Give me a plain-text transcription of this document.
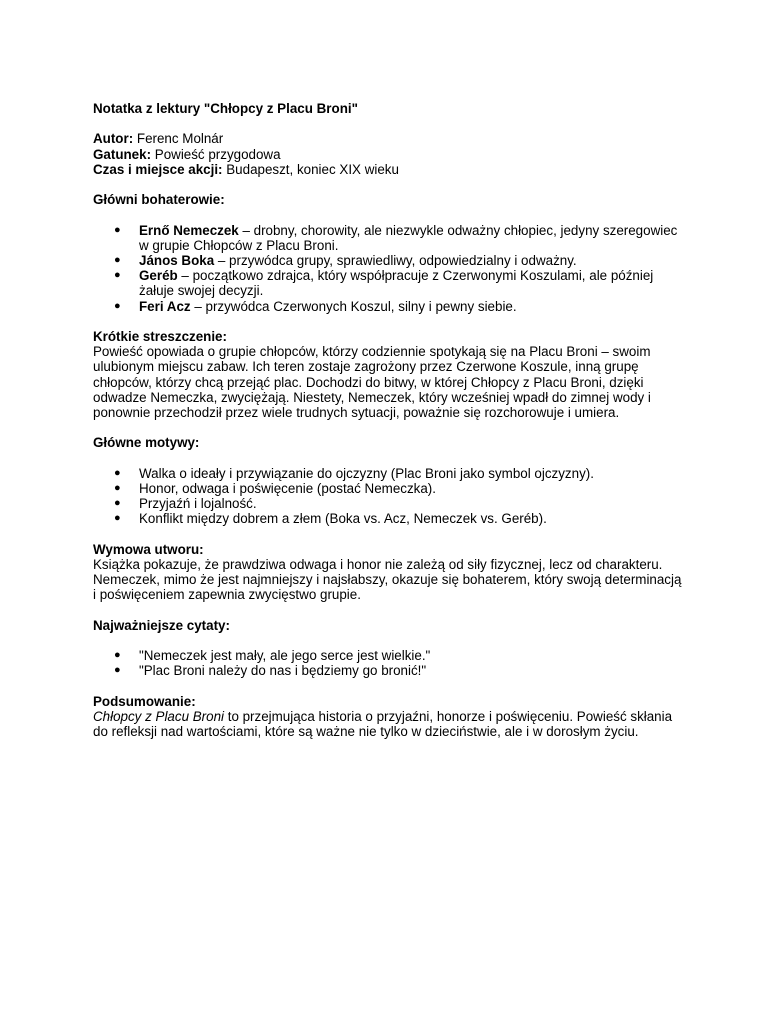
Notatka z lektury "Chłopcy z Placu Broni"

Autor: Ferenc Molnár

Gatunek: Powieść przygodowa

Czas i miejsce akcji: Budapeszt, koniec XIX wieku

Główni bohaterowie:

● Ernő Nemeczek – drobny, chorowity, ale niezwykle odważny chłopiec, jedyny szeregowiec w grupie Chłopców z Placu Broni.
● János Boka – przywódca grupy, sprawiedliwy, odpowiedzialny i odważny.
● Geréb – początkowo zdrajca, który współpracuje z Czerwonymi Koszulami, ale później żałuje swojej decyzji.
● Feri Acz – przywódca Czerwonych Koszul, silny i pewny siebie.

Krótkie streszczenie:

Powieść opowiada o grupie chłopców, którzy codziennie spotykają się na Placu Broni – swoim ulubionym miejscu zabaw. Ich teren zostaje zagrożony przez Czerwone Koszule, inną grupę chłopców, którzy chcą przejąć plac. Dochodzi do bitwy, w której Chłopcy z Placu Broni, dzięki odwadze Nemeczka, zwyciężają. Niestety, Nemeczek, który wcześniej wpadł do zimnej wody i ponownie przechodził przez wiele trudnych sytuacji, poważnie się rozchorowuje i umiera.

Główne motywy:

● Walka o ideały i przywiązanie do ojczyzny (Plac Broni jako symbol ojczyzny).
● Honor, odwaga i poświęcenie (postać Nemeczka).
● Przyjaźń i lojalność.
● Konflikt między dobrem a złem (Boka vs. Acz, Nemeczek vs. Geréb).

Wymowa utworu:

Książka pokazuje, że prawdziwa odwaga i honor nie zależą od siły fizycznej, lecz od charakteru. Nemeczek, mimo że jest najmniejszy i najsłabszy, okazuje się bohaterem, który swoją determinacją i poświęceniem zapewnia zwycięstwo grupie.

Najważniejsze cytaty:

● "Nemeczek jest mały, ale jego serce jest wielkie."
● "Plac Broni należy do nas i będziemy go bronić!"

Podsumowanie:

Chłopcy z Placu Broni to przejmująca historia o przyjaźni, honorze i poświęceniu. Powieść skłania do refleksji nad wartościami, które są ważne nie tylko w dzieciństwie, ale i w dorosłym życiu.
